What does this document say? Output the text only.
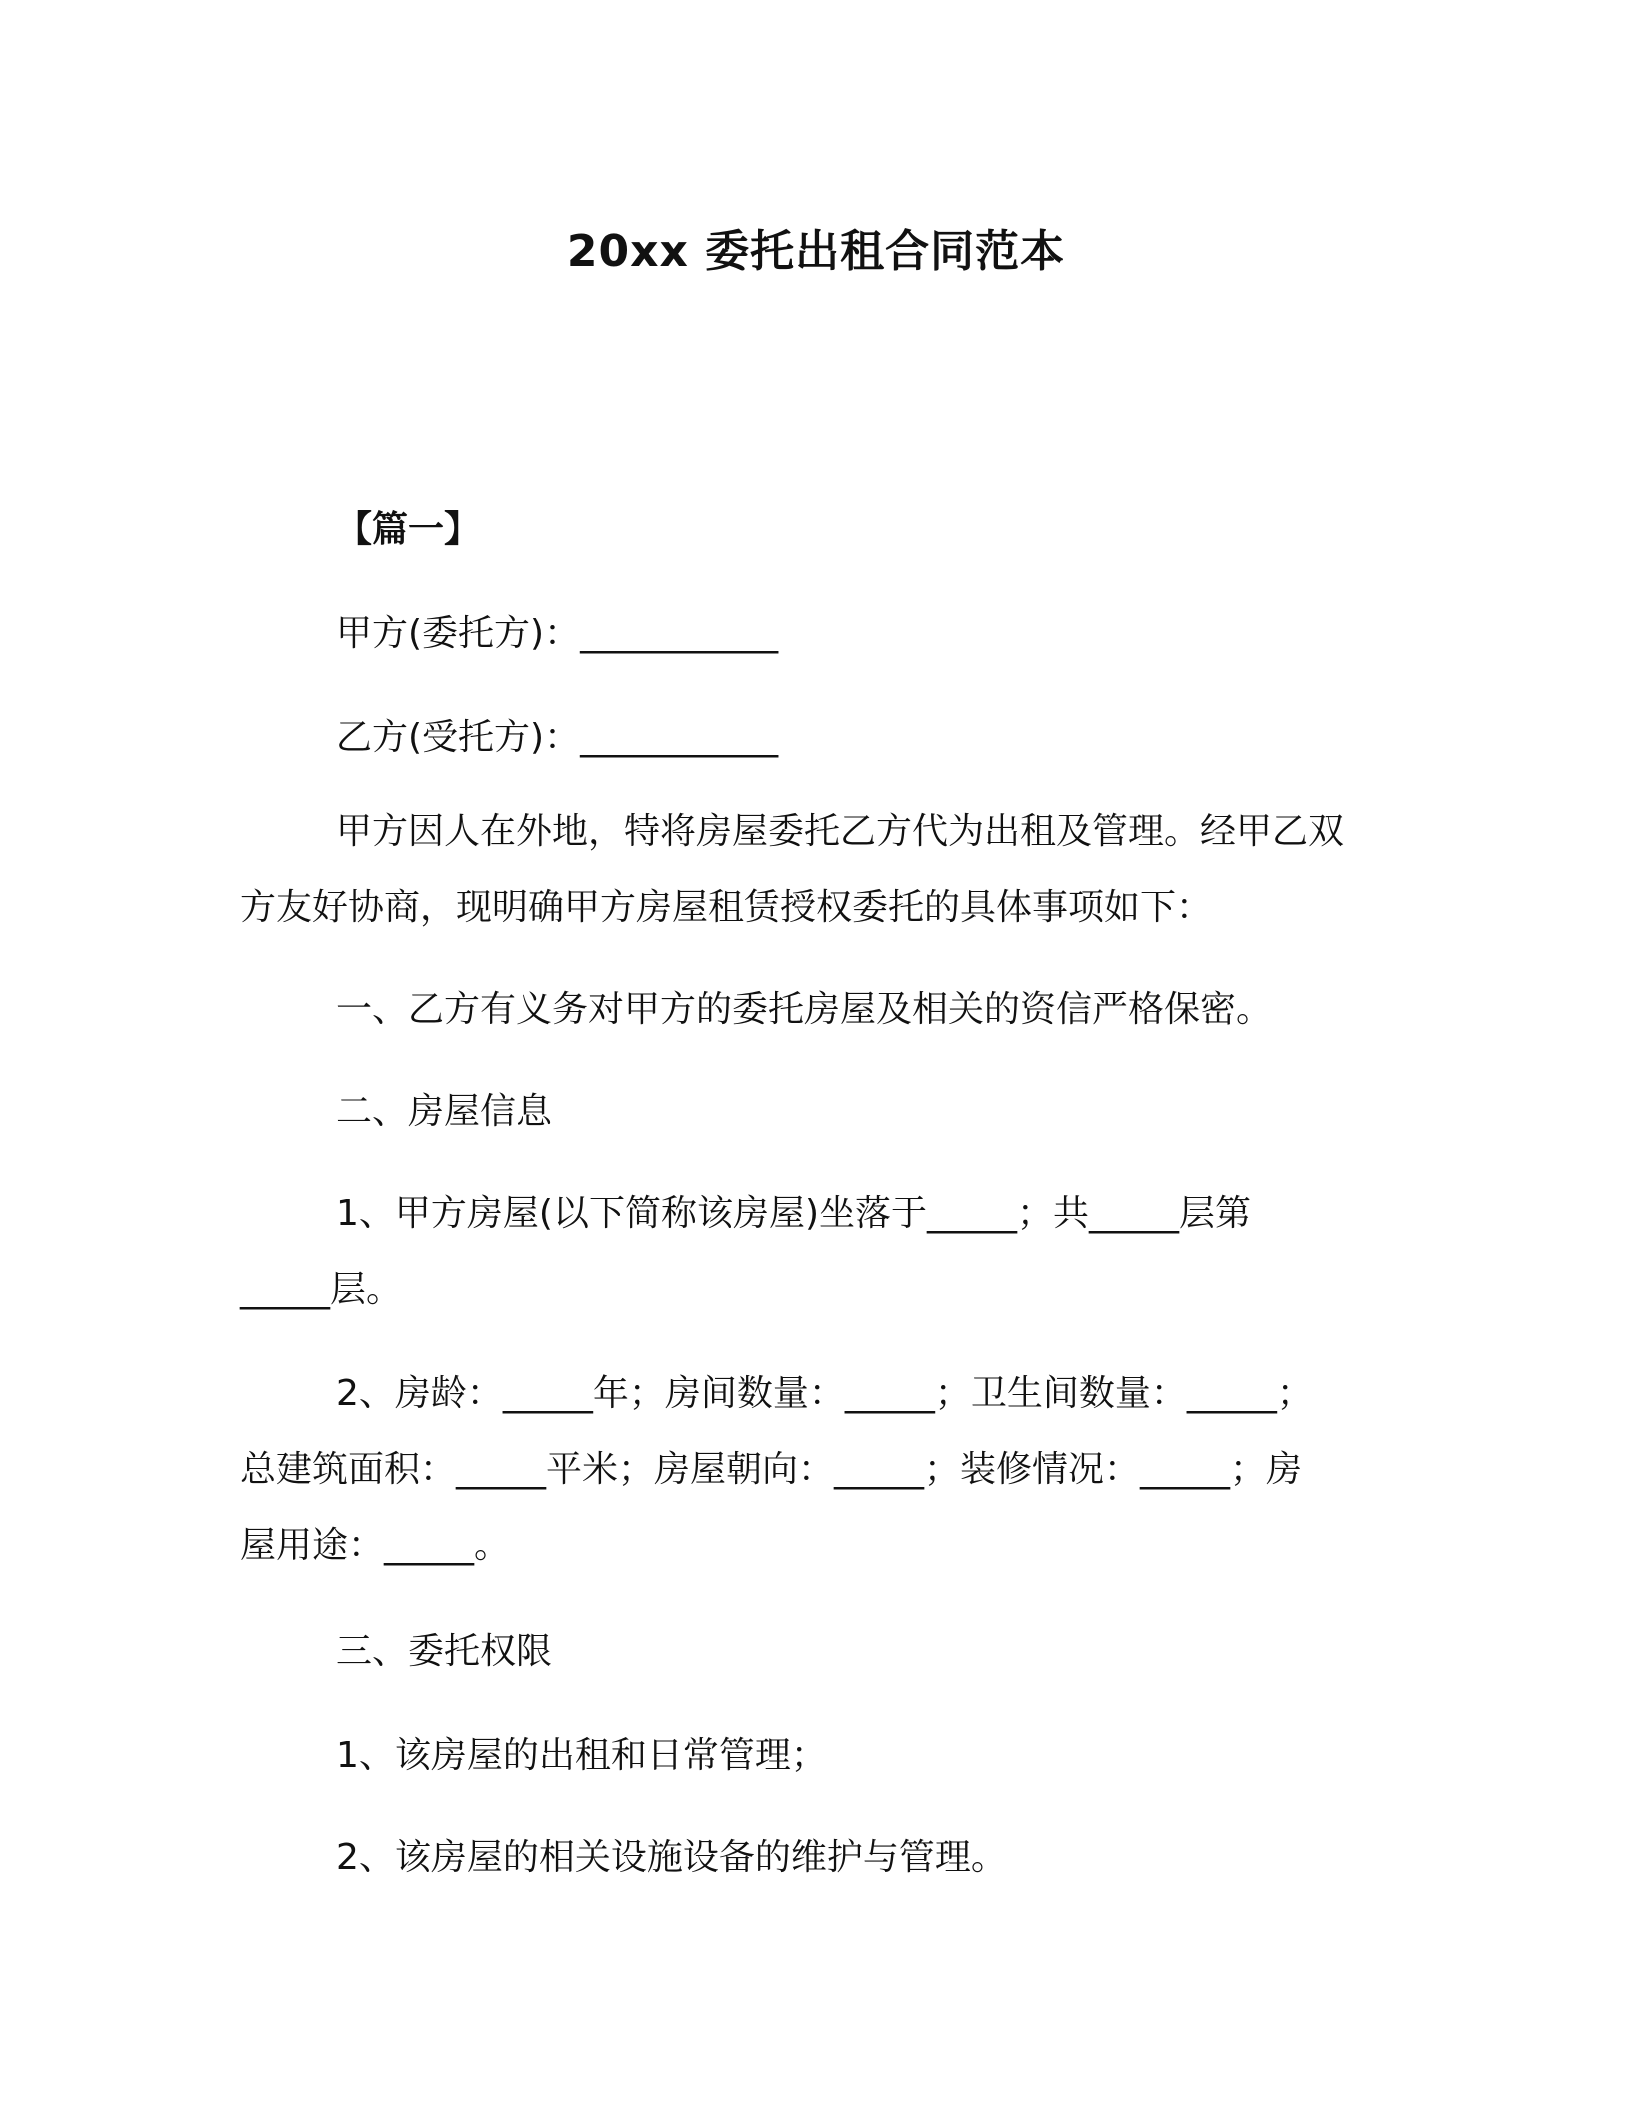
20xx 委托出租合同范本
【篇一】
甲方(委托方)：___________
乙方(受托方)：___________
甲方因人在外地，特将房屋委托乙方代为出租及管理。经甲乙双
方友好协商，现明确甲方房屋租赁授权委托的具体事项如下：
一、乙方有义务对甲方的委托房屋及相关的资信严格保密。
二、房屋信息
1、甲方房屋(以下简称该房屋)坐落于_____；共_____层第
_____层。
2、房龄：_____年；房间数量：_____；卫生间数量：_____；
总建筑面积：_____平米；房屋朝向：_____；装修情况：_____；房
屋用途：_____。
三、委托权限
1、该房屋的出租和日常管理；
2、该房屋的相关设施设备的维护与管理。
